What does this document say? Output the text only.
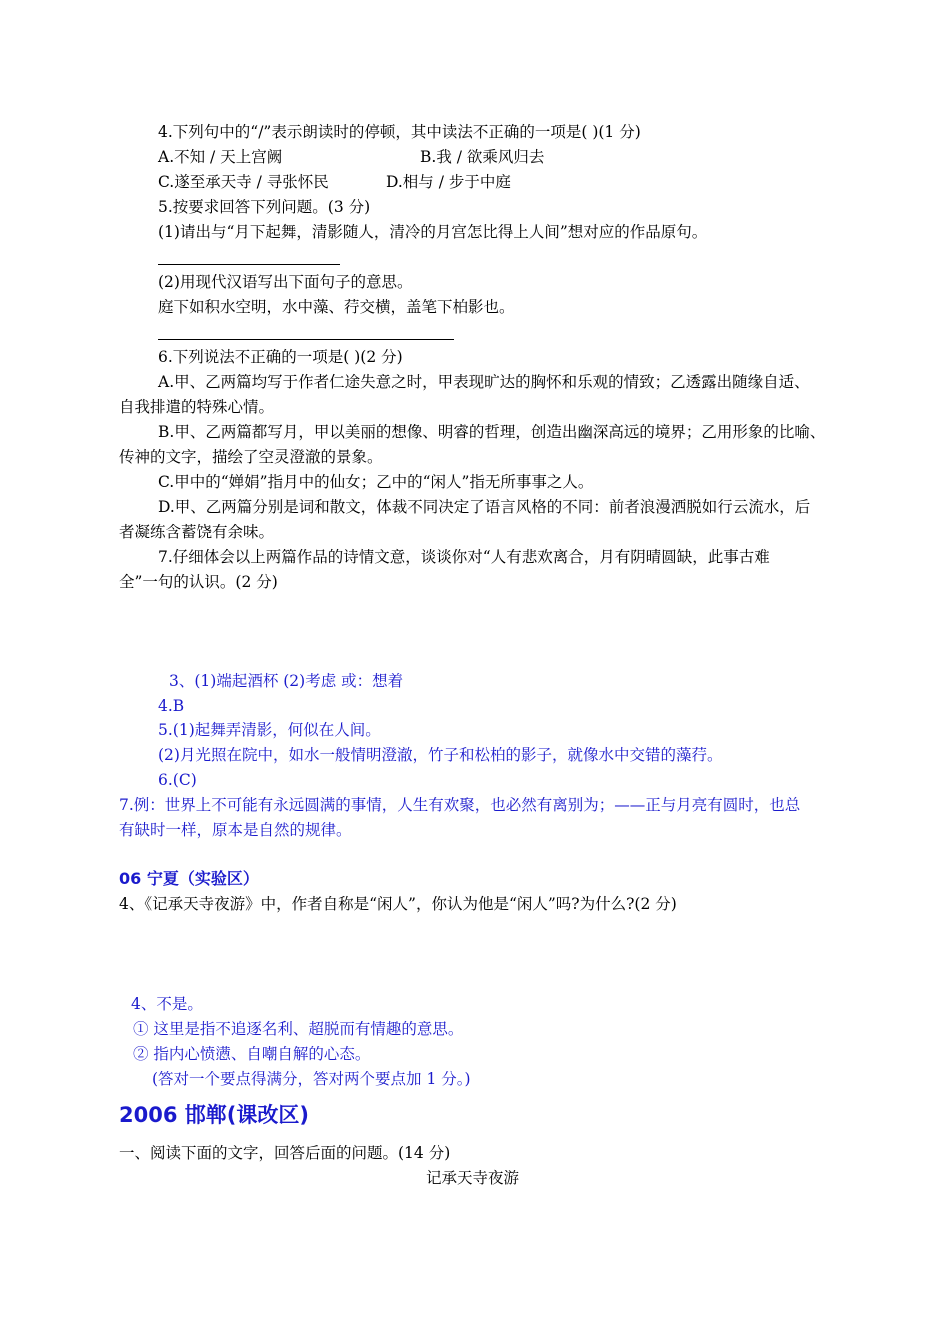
4.下列句中的“/”表示朗读时的停顿，其中读法不正确的一项是( )(1 分)
A.不知 / 天上宫阙	B.我 / 欲乘风归去
C.遂至承天寺 / 寻张怀民	D.相与 / 步于中庭
5.按要求回答下列问题。(3 分)
(1)请出与“月下起舞，清影随人，清冷的月宫怎比得上人间”想对应的作品原句。
(2)用现代汉语写出下面句子的意思。
庭下如积水空明，水中藻、荇交横，盖笔下柏影也。
6.下列说法不正确的一项是( )(2 分)
A.甲、乙两篇均写于作者仁途失意之时，甲表现旷达的胸怀和乐观的情致；乙透露出随缘自适、
自我排遣的特殊心情。
B.甲、乙两篇都写月，甲以美丽的想像、明睿的哲理，创造出幽深高远的境界；乙用形象的比喻、
传神的文字，描绘了空灵澄澈的景象。
C.甲中的“婵娟”指月中的仙女；乙中的“闲人”指无所事事之人。
D.甲、乙两篇分别是词和散文，体裁不同决定了语言风格的不同：前者浪漫洒脱如行云流水，后
者凝练含蓄饶有余味。
7.仔细体会以上两篇作品的诗情文意，谈谈你对“人有悲欢离合，月有阴晴圆缺，此事古难
全”一句的认识。(2 分)
3、(1)端起酒杯 (2)考虑 或：想着
4.B
5.(1)起舞弄清影，何似在人间。
(2)月光照在院中，如水一般情明澄澈，竹子和松柏的影子，就像水中交错的藻荇。
6.(C)
7.例：世界上不可能有永远圆满的事情，人生有欢聚，也必然有离别为；——正与月亮有圆时，也总
有缺时一样，原本是自然的规律。
06 宁夏（实验区）
4、《记承天寺夜游》中，作者自称是“闲人”，你认为他是“闲人”吗?为什么?(2 分)
4、不是。
① 这里是指不追逐名利、超脱而有情趣的意思。
② 指内心愤懑、自嘲自解的心态。
(答对一个要点得满分，答对两个要点加 1 分。)
2006 邯郸(课改区)
一、阅读下面的文字，回答后面的问题。(14 分)
记承天寺夜游
